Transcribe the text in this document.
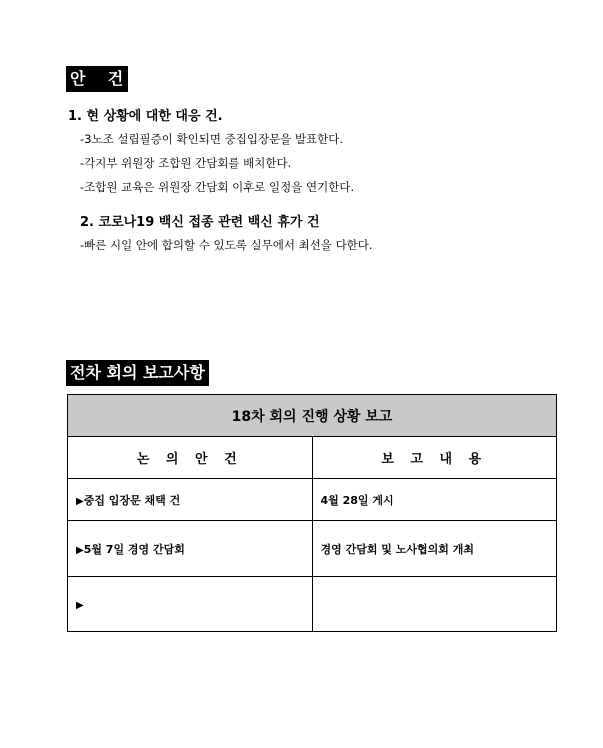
안    건
1. 현 상황에 대한 대응 건.
-3노조 설립필증이 확인되면 중집입장문을 발표한다.
-각지부 위원장 조합원 간담회를 배치한다.
-조합원 교육은 위원장 간담회 이후로 일정을 연기한다.
2. 코로나19 백신 접종 관련 백신 휴가 건
-빠른 시일 안에 합의할 수 있도록 실무에서 최선을 다한다.
전차 회의 보고사항
18차 회의 진행 상황 보고	
논 의 안 건	보 고 내 용
▶중집 입장문 채택 건	4월 28일 게시
▶5월 7일 경영 간담회	경영 간담회 및 노사협의회 개최
▶	
